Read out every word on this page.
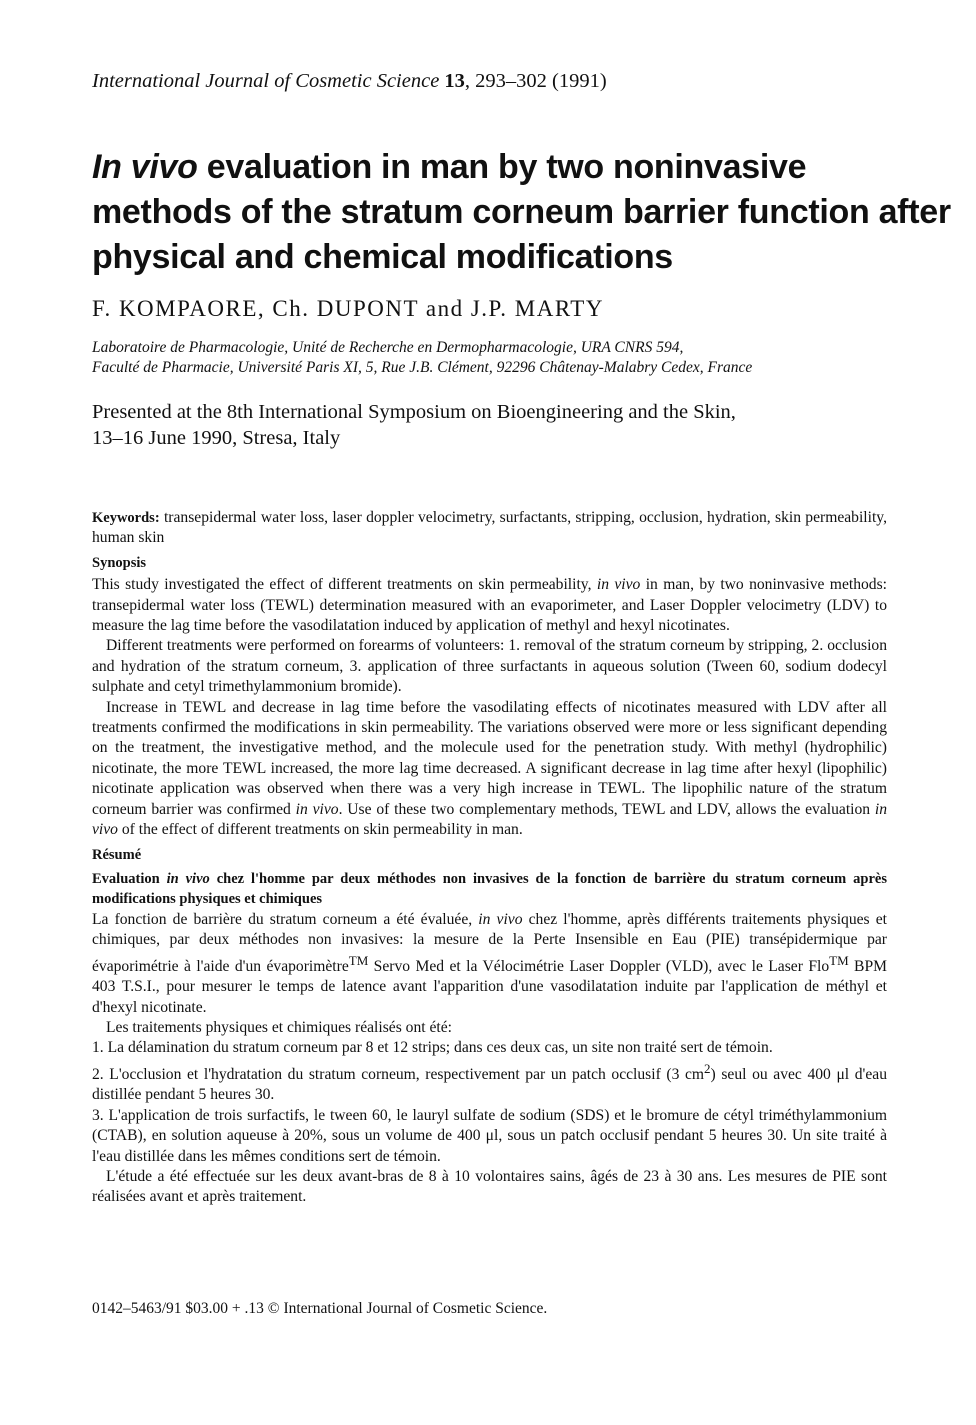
International Journal of Cosmetic Science 13, 293–302 (1991)
In vivo evaluation in man by two noninvasive methods of the stratum corneum barrier function after physical and chemical modifications
F. KOMPAORE, Ch. DUPONT and J.P. MARTY
Laboratoire de Pharmacologie, Unité de Recherche en Dermopharmacologie, URA CNRS 594,
Faculté de Pharmacie, Université Paris XI, 5, Rue J.B. Clément, 92296 Châtenay-Malabry Cedex, France
Presented at the 8th International Symposium on Bioengineering and the Skin,
13–16 June 1990, Stresa, Italy

Keywords: transepidermal water loss, laser doppler velocimetry, surfactants, stripping, occlusion, hydration, skin permeability, human skin

Synopsis

This study investigated the effect of different treatments on skin permeability, in vivo in man, by two noninvasive methods: transepidermal water loss (TEWL) determination measured with an evaporimeter, and Laser Doppler velocimetry (LDV) to measure the lag time before the vasodilatation induced by application of methyl and hexyl nicotinates.

Different treatments were performed on forearms of volunteers: 1. removal of the stratum corneum by stripping, 2. occlusion and hydration of the stratum corneum, 3. application of three surfactants in aqueous solution (Tween 60, sodium dodecyl sulphate and cetyl trimethylammonium bromide).

Increase in TEWL and decrease in lag time before the vasodilating effects of nicotinates measured with LDV after all treatments confirmed the modifications in skin permeability. The variations observed were more or less significant depending on the treatment, the investigative method, and the molecule used for the penetration study. With methyl (hydrophilic) nicotinate, the more TEWL increased, the more lag time decreased. A significant decrease in lag time after hexyl (lipophilic) nicotinate application was observed when there was a very high increase in TEWL. The lipophilic nature of the stratum corneum barrier was confirmed in vivo. Use of these two complementary methods, TEWL and LDV, allows the evaluation in vivo of the effect of different treatments on skin permeability in man.

Résumé

Evaluation in vivo chez l'homme par deux méthodes non invasives de la fonction de barrière du stratum corneum après modifications physiques et chimiques

La fonction de barrière du stratum corneum a été évaluée, in vivo chez l'homme, après différents traitements physiques et chimiques, par deux méthodes non invasives: la mesure de la Perte Insensible en Eau (PIE) transépidermique par évaporimétrie à l'aide d'un évaporimètre™ Servo Med et la Vélocimétrie Laser Doppler (VLD), avec le Laser Flo™ BPM 403 T.S.I., pour mesurer le temps de latence avant l'apparition d'une vasodilatation induite par l'application de méthyl et d'hexyl nicotinate.

Les traitements physiques et chimiques réalisés ont été:

1. La délamination du stratum corneum par 8 et 12 strips; dans ces deux cas, un site non traité sert de témoin.

2. L'occlusion et l'hydratation du stratum corneum, respectivement par un patch occlusif (3 $cm^2$) seul ou avec 400 μl d'eau distillée pendant 5 heures 30.

3. L'application de trois surfactifs, le tween 60, le lauryl sulfate de sodium (SDS) et le bromure de cétyl triméthylammonium (CTAB), en solution aqueuse à 20%, sous un volume de 400 μl, sous un patch occlusif pendant 5 heures 30. Un site traité à l'eau distillée dans les mêmes conditions sert de témoin.

L'étude a été effectuée sur les deux avant-bras de 8 à 10 volontaires sains, âgés de 23 à 30 ans. Les mesures de PIE sont réalisées avant et après traitement.

0142–5463/91 $03.00 + .13 © International Journal of Cosmetic Science.
